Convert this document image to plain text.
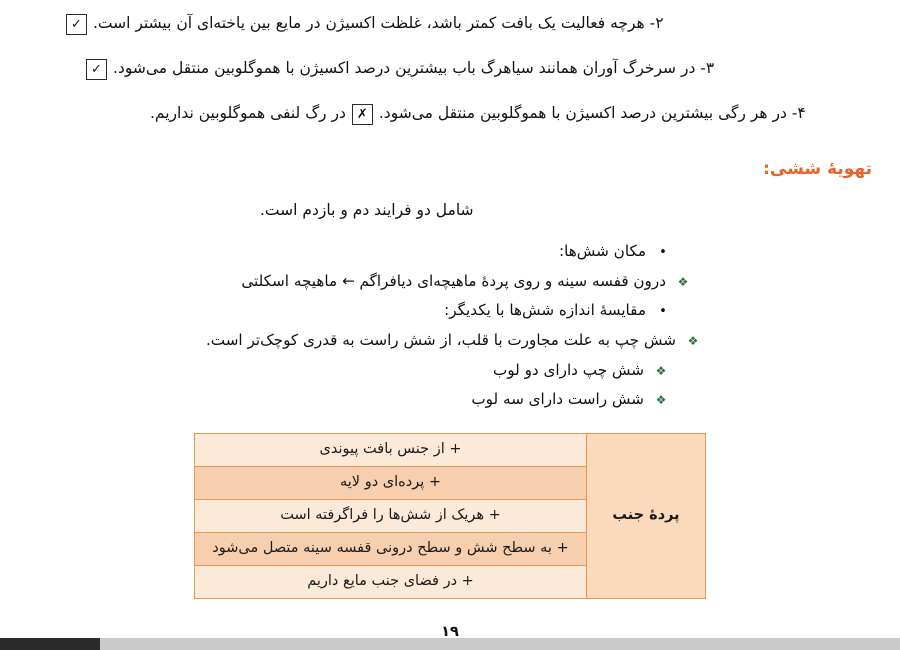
۲- هرچه فعالیت یک بافت کمتر باشد، غلظت اکسیژن در مایع بین یاخته‌ای آن بیشتر است.
✓
۳- در سرخرگ آوران همانند سیاهرگ باب بیشترین درصد اکسیژن با هموگلوبین منتقل می‌شود.
✓
۴- در هر رگی بیشترین درصد اکسیژن با هموگلوبین منتقل می‌شود.
✗
در رگ لنفی هموگلوبین نداریم.
تهویۀ ششی:
شامل دو فرایند دم و بازدم است.
•
مکان شش‌ها:
❖
درون قفسه سینه و روی پردۀ ماهیچه‌ای دیافراگم ← ماهیچه اسکلتی
•
مقایسۀ اندازه شش‌ها با یکدیگر:
❖
شش چپ به علت مجاورت با قلب، از شش راست به قدری کوچک‌تر است.
❖
شش چپ دارای دو لوب
❖
شش راست دارای سه لوب
پردۀ جنب	+ از جنس بافت پیوندی
+ پرده‌ای دو لایه
+ هریک از شش‌ها را فراگرفته است
+ به سطح شش و سطح درونی قفسه سینه متصل می‌شود
+ در فضای جنب مایع داریم
۱۹
